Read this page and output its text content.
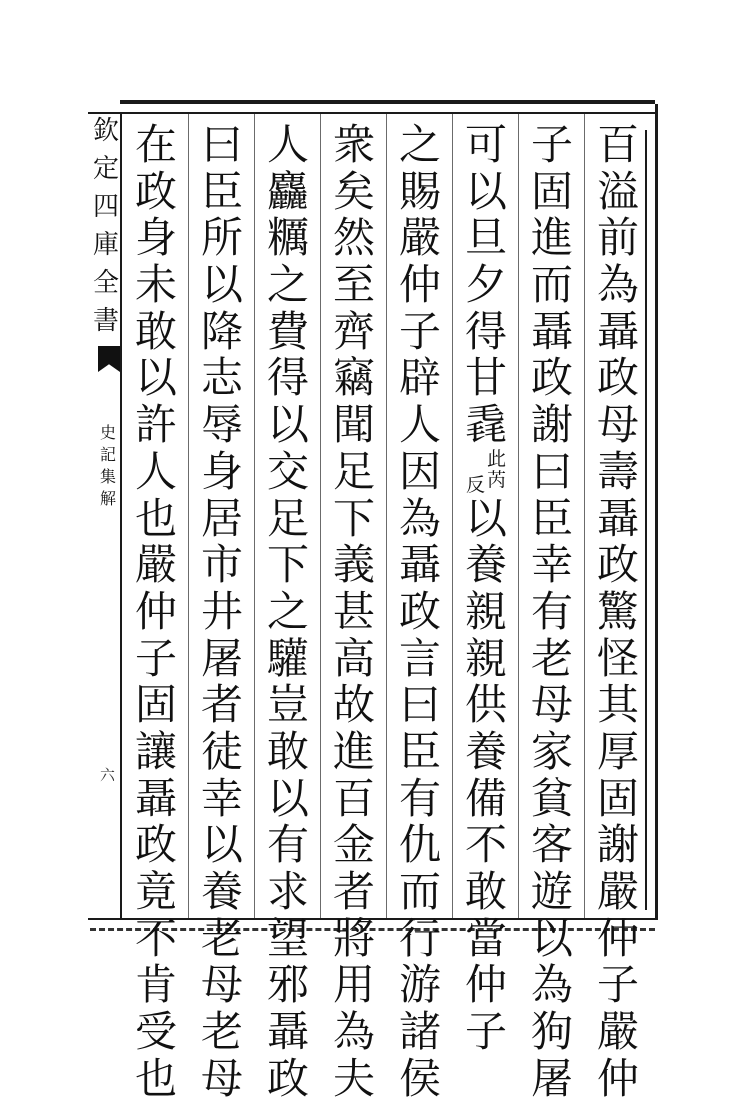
欽
定
四
庫
全
書
史
記
集
解
六
百
溢
前
為
聶
政
母
壽
聶
政
驚
怪
其
厚
固
謝
嚴
仲
子
嚴
仲
子
固
進
而
聶
政
謝
曰
臣
幸
有
老
母
家
貧
客
遊
以
為
狗
屠
可
以
旦
夕
得
甘
毳
此
芮
反
以
養
親
親
供
養
備
不
敢
當
仲
子
之
賜
嚴
仲
子
辟
人
因
為
聶
政
言
曰
臣
有
仇
而
行
游
諸
侯
衆
矣
然
至
齊
竊
聞
足
下
義
甚
高
故
進
百
金
者
將
用
為
夫
人
麤
糲
之
費
得
以
交
足
下
之
驩
豈
敢
以
有
求
望
邪
聶
政
曰
臣
所
以
降
志
辱
身
居
市
井
屠
者
徒
幸
以
養
老
母
老
母
在
政
身
未
敢
以
許
人
也
嚴
仲
子
固
讓
聶
政
竟
不
肯
受
也
